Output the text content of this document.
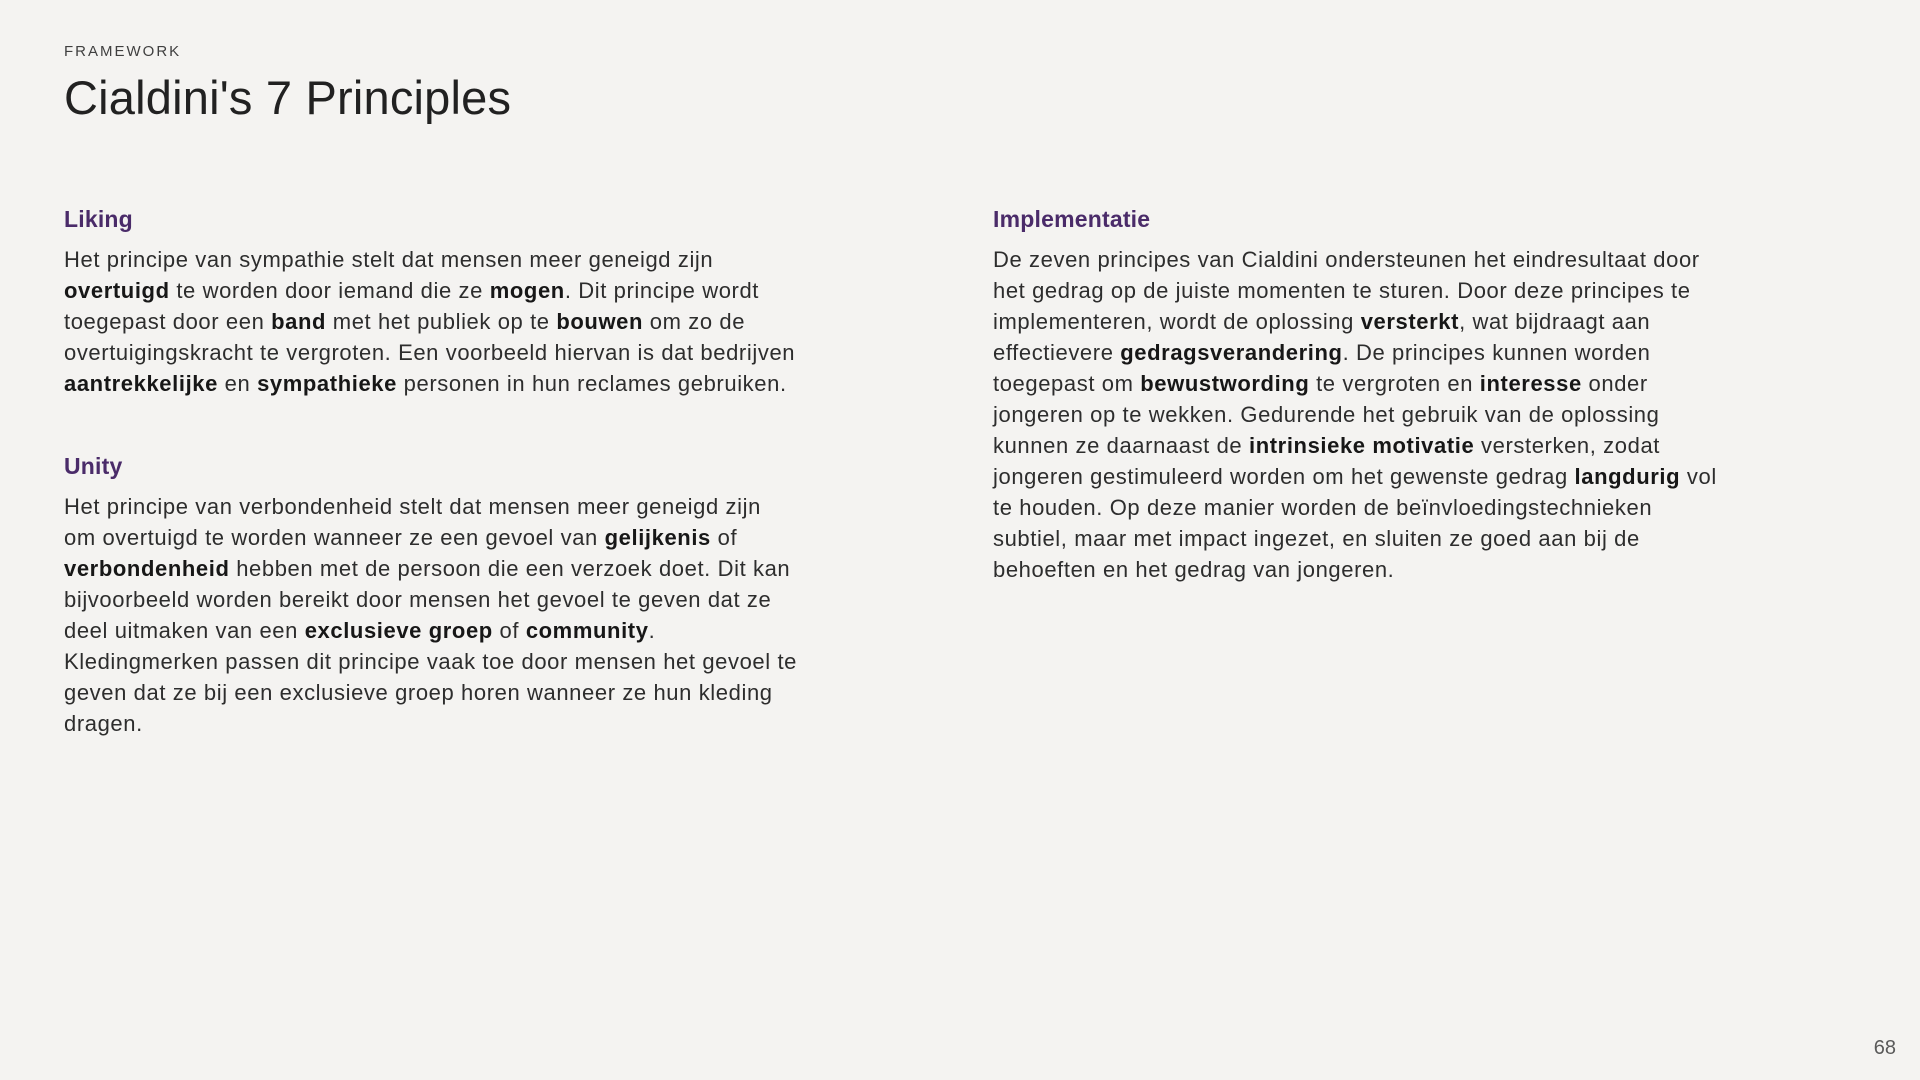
FRAMEWORK
Cialdini's 7 Principles
Liking
Het principe van sympathie stelt dat mensen meer geneigd zijn
overtuigd te worden door iemand die ze mogen. Dit principe wordt
toegepast door een band met het publiek op te bouwen om zo de
overtuigingskracht te vergroten. Een voorbeeld hiervan is dat bedrijven
aantrekkelijke en sympathieke personen in hun reclames gebruiken.
Unity
Het principe van verbondenheid stelt dat mensen meer geneigd zijn
om overtuigd te worden wanneer ze een gevoel van gelijkenis of
verbondenheid hebben met de persoon die een verzoek doet. Dit kan
bijvoorbeeld worden bereikt door mensen het gevoel te geven dat ze
deel uitmaken van een exclusieve groep of community.
Kledingmerken passen dit principe vaak toe door mensen het gevoel te
geven dat ze bij een exclusieve groep horen wanneer ze hun kleding
dragen.
Implementatie
De zeven principes van Cialdini ondersteunen het eindresultaat door
het gedrag op de juiste momenten te sturen. Door deze principes te
implementeren, wordt de oplossing versterkt, wat bijdraagt aan
effectievere gedragsverandering. De principes kunnen worden
toegepast om bewustwording te vergroten en interesse onder
jongeren op te wekken. Gedurende het gebruik van de oplossing
kunnen ze daarnaast de intrinsieke motivatie versterken, zodat
jongeren gestimuleerd worden om het gewenste gedrag langdurig vol
te houden. Op deze manier worden de beïnvloedingstechnieken
subtiel, maar met impact ingezet, en sluiten ze goed aan bij de
behoeften en het gedrag van jongeren.
68
